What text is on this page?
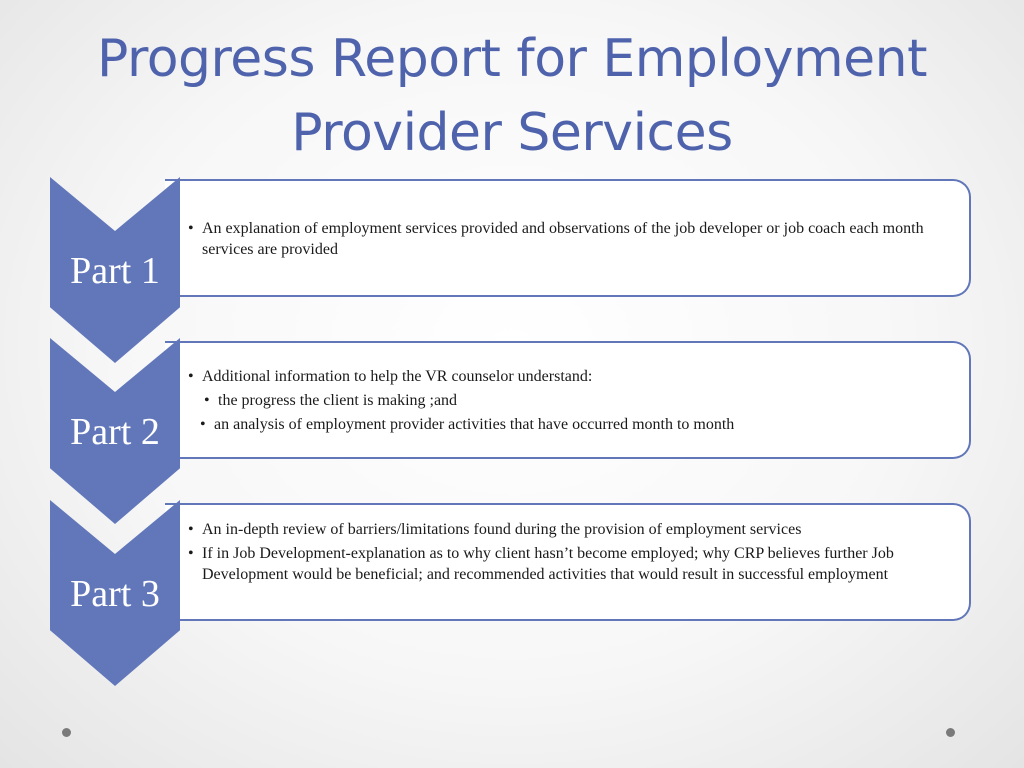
Progress Report for Employment
Provider Services
Part 1
• An explanation of employment services provided and observations of the job developer or job coach each month services are provided
Part 2
• Additional information to help the VR counselor understand:
• the progress the client is making ;and
• an analysis of employment provider activities that have occurred month to month
Part 3
• An in-depth review of barriers/limitations found during the provision of employment services
• If in Job Development-explanation as to why client hasn’t become employed; why CRP believes further Job Development would be beneficial; and recommended activities that would result in successful employment
